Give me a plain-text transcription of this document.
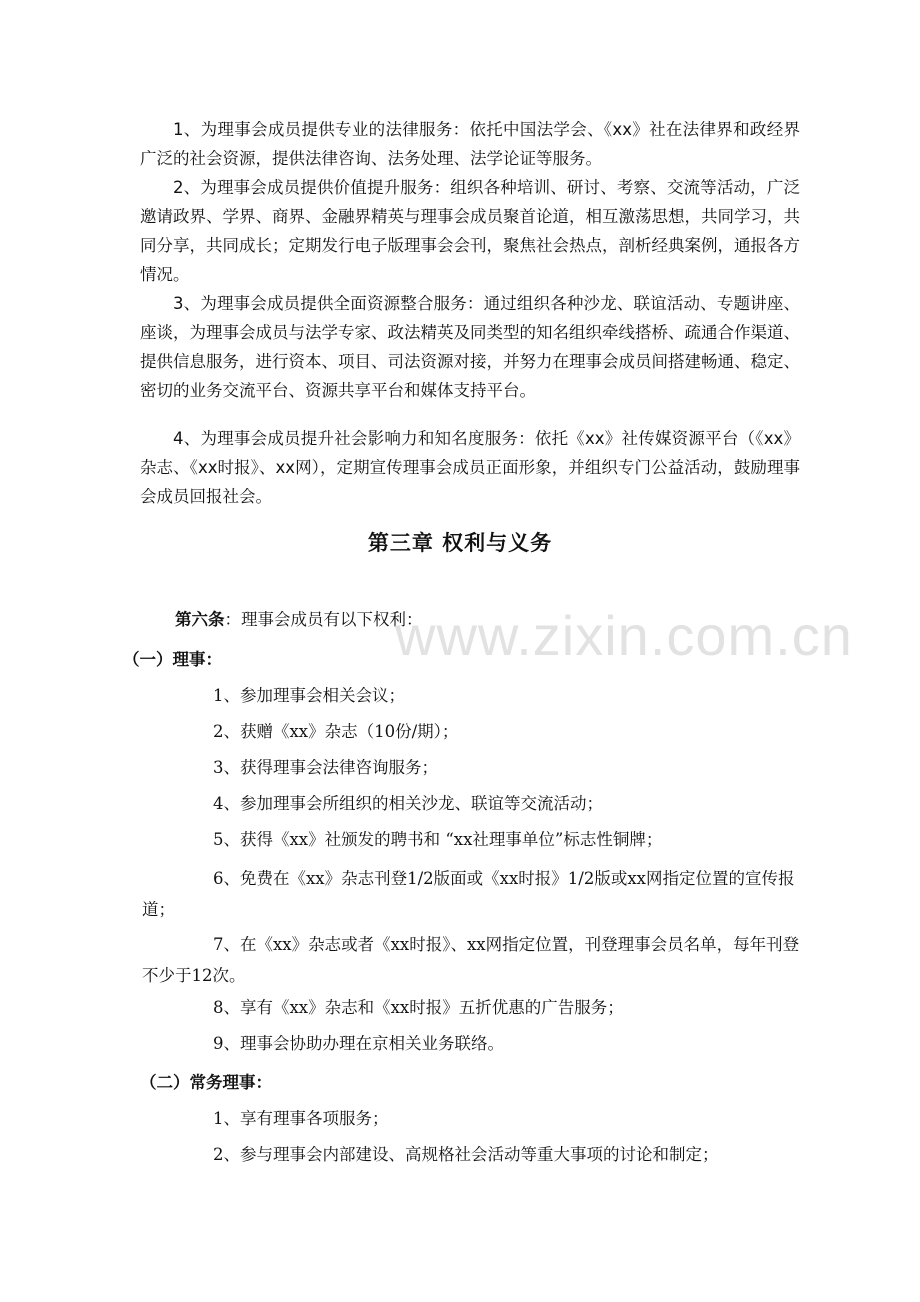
1、为理事会成员提供专业的法律服务：依托中国法学会、《xx》社在法律界和政经界广泛的社会资源，提供法律咨询、法务处理、法学论证等服务。

2、为理事会成员提供价值提升服务：组织各种培训、研讨、考察、交流等活动，广泛邀请政界、学界、商界、金融界精英与理事会成员聚首论道，相互激荡思想，共同学习，共同分享，共同成长；定期发行电子版理事会会刊，聚焦社会热点，剖析经典案例，通报各方情况。

3、为理事会成员提供全面资源整合服务：通过组织各种沙龙、联谊活动、专题讲座、座谈，为理事会成员与法学专家、政法精英及同类型的知名组织牵线搭桥、疏通合作渠道、提供信息服务，进行资本、项目、司法资源对接，并努力在理事会成员间搭建畅通、稳定、密切的业务交流平台、资源共享平台和媒体支持平台。

4、为理事会成员提升社会影响力和知名度服务：依托《xx》社传媒资源平台（《xx》杂志、《xx时报》、xx网），定期宣传理事会成员正面形象，并组织专门公益活动，鼓励理事会成员回报社会。

第三章 权利与义务

第六条：理事会成员有以下权利：

（一）理事：

1、参加理事会相关会议；

2、获赠《xx》杂志（10份/期）；

3、获得理事会法律咨询服务；

4、参加理事会所组织的相关沙龙、联谊等交流活动；

5、获得《xx》社颁发的聘书和 “xx社理事单位”标志性铜牌；

6、免费在《xx》杂志刊登1/2版面或《xx时报》1/2版或xx网指定位置的宣传报道；

7、在《xx》杂志或者《xx时报》、xx网指定位置，刊登理事会员名单，每年刊登不少于12次。

8、享有《xx》杂志和《xx时报》五折优惠的广告服务；

9、理事会协助办理在京相关业务联络。

（二）常务理事：

1、享有理事各项服务；

2、参与理事会内部建设、高规格社会活动等重大事项的讨论和制定；

www.zixin.com.cn
